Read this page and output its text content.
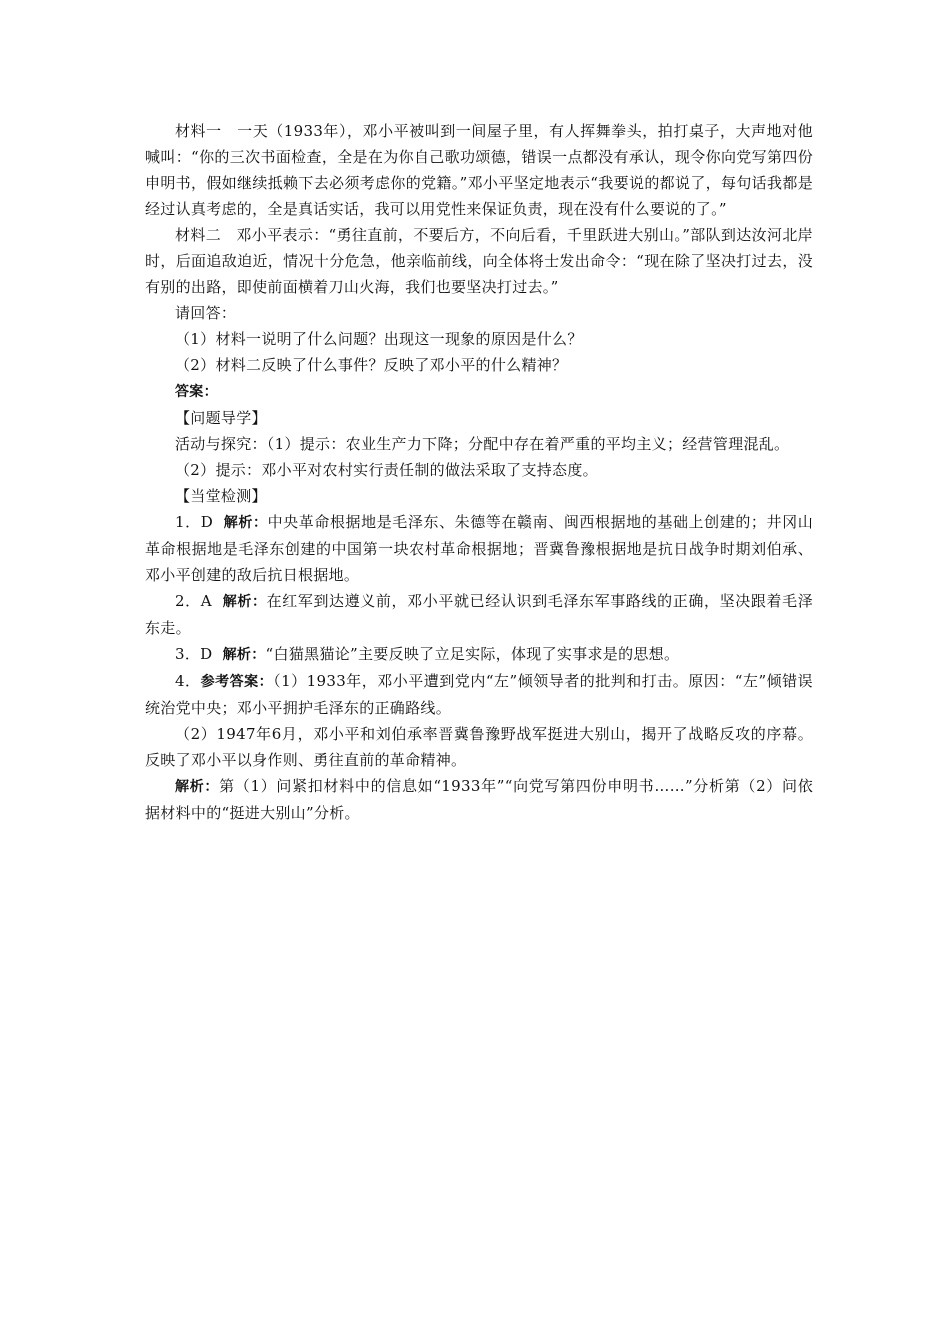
材料一　 一天（1933年），邓小平被叫到一间屋子里，有人挥舞拳头，拍打桌子，大声地对他喊叫：“你的三次书面检查，全是在为你自己歌功颂德，错误一点都没有承认，现令你向党写第四份申明书，假如继续抵赖下去必须考虑你的党籍。”邓小平坚定地表示“我要说的都说了，每句话我都是经过认真考虑的，全是真话实话，我可以用党性来保证负责，现在没有什么要说的了。”

材料二　 邓小平表示：“勇往直前，不要后方，不向后看，千里跃进大别山。”部队到达汝河北岸时，后面追敌迫近，情况十分危急，他亲临前线，向全体将士发出命令：“现在除了坚决打过去，没有别的出路，即使前面横着刀山火海，我们也要坚决打过去。”

请回答：

（1）材料一说明了什么问题？出现这一现象的原因是什么？

（2）材料二反映了什么事件？反映了邓小平的什么精神？

答案：

【问题导学】

活动与探究：（1）提示：农业生产力下降；分配中存在着严重的平均主义；经营管理混乱。

（2）提示：邓小平对农村实行责任制的做法采取了支持态度。

【当堂检测】

1．D 解析：中央革命根据地是毛泽东、朱德等在赣南、闽西根据地的基础上创建的；井冈山革命根据地是毛泽东创建的中国第一块农村革命根据地；晋冀鲁豫根据地是抗日战争时期刘伯承、邓小平创建的敌后抗日根据地。

2．A 解析：在红军到达遵义前，邓小平就已经认识到毛泽东军事路线的正确，坚决跟着毛泽东走。

3．D 解析：“白猫黑猫论”主要反映了立足实际，体现了实事求是的思想。

4．参考答案：（1）1933年，邓小平遭到党内“左”倾领导者的批判和打击。原因：“左”倾错误统治党中央；邓小平拥护毛泽东的正确路线。

（2）1947年6月，邓小平和刘伯承率晋冀鲁豫野战军挺进大别山，揭开了战略反攻的序幕。反映了邓小平以身作则、勇往直前的革命精神。

解析：第（1）问紧扣材料中的信息如“1933年”“向党写第四份申明书……”分析第（2）问依据材料中的“挺进大别山”分析。
